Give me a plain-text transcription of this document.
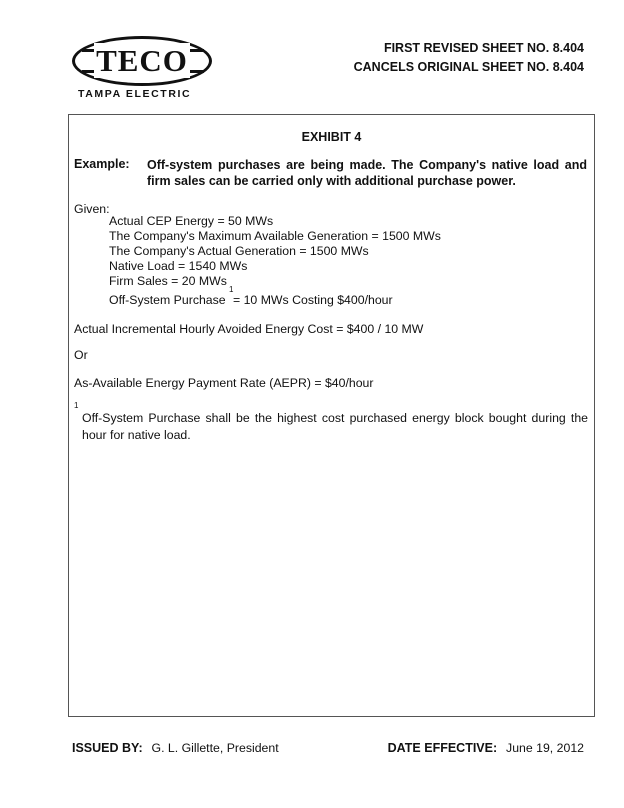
TECO
TAMPA ELECTRIC
FIRST REVISED SHEET NO. 8.404
CANCELS ORIGINAL SHEET NO. 8.404
EXHIBIT 4
Example: Off-system purchases are being made. The Company's native load and firm sales can be carried only with additional purchase power.
Given:
Actual CEP Energy = 50 MWs
The Company's Maximum Available Generation = 1500 MWs
The Company's Actual Generation = 1500 MWs
Native Load = 1540 MWs
Firm Sales = 20 MWs
Off-System Purchase
1
= 10 MWs Costing $400/hour
Actual Incremental Hourly Avoided Energy Cost = $400 / 10 MW
Or
As-Available Energy Payment Rate (AEPR) = $40/hour
1
Off-System Purchase shall be the highest cost purchased energy block bought during the hour for native load.
ISSUED BY: G. L. Gillette, President	DATE EFFECTIVE: June 19, 2012
